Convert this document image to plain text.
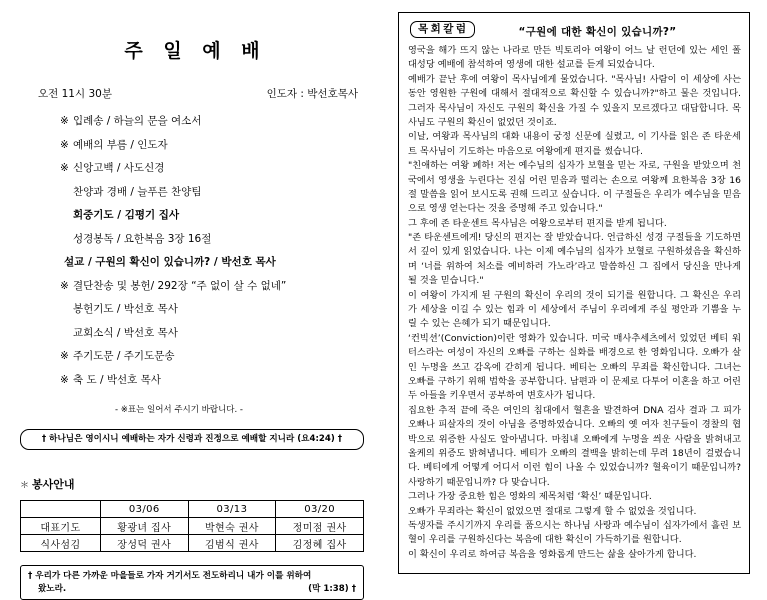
주 일 예 배
오전 11시 30분	인도자 : 박선호목사
※ 입례송 / 하늘의 문을 여소서
※ 예배의 부름 / 인도자
※ 신앙고백 / 사도신경
찬양과 경배 / 늘푸른 찬양팀
회중기도 / 김평기 집사
성경봉독 / 요한복음 3장 16절
설교 / 구원의 확신이 있습니까? / 박선호 목사
※ 결단찬송 및 봉헌/ 292장 “주 없이 살 수 없네”
봉헌기도 / 박선호 목사
교회소식 / 박선호 목사
※ 주기도문 / 주기도문송
※ 축 도 / 박선호 목사
- ※표는 일어서 주시기 바랍니다. -
† 하나님은 영이시니 예배하는 자가 신령과 진정으로 예배할 지니라 (요4:24) †
＊ 봉사안내
	03/06	03/13	03/20
대표기도	황광녀 집사	박현숙 권사	정미점 권사
식사섬김	장성덕 권사	김범식 권사	김정혜 집사
† 우리가 다른 가까운 마을들로 가자 거기서도 전도하리니 내가 이를 위하여
왔노라.	(막 1:38) †
목회칼럼	“구원에 대한 확신이 있습니까?”

영국을 해가 뜨지 않는 나라로 만든 빅토리아 여왕이 어느 날 런던에 있는 세인 폴 대성당 예배에 참석하여 영생에 대한 설교를 듣게 되었습니다.

예배가 끝난 후에 여왕이 목사님에게 물었습니다. "목사님! 사람이 이 세상에 사는 동안 영원한 구원에 대해서 절대적으로 확신할 수 있습니까?"하고 물은 것입니다. 그러자 목사님이 자신도 구원의 확신을 가질 수 있을지 모르겠다고 대답합니다. 목사님도 구원의 확신이 없었던 것이죠.

이날, 여왕과 목사님의 대화 내용이 궁정 신문에 실렸고, 이 기사를 읽은 존 타운세트 목사님이 기도하는 마음으로 여왕에게 편지를 썼습니다.

"친애하는 여왕 폐하! 저는 예수님의 십자가 보혈을 믿는 자로, 구원을 받았으며 천국에서 영생을 누린다는 진심 어린 믿음과 떨리는 손으로 여왕께 요한복음 3장 16절 말씀을 읽어 보시도록 권해 드리고 싶습니다. 이 구절들은 우리가 예수님을 믿음으로 영생 얻는다는 것을 증명해 주고 있습니다."

그 후에 존 타운센트 목사님은 여왕으로부터 편지를 받게 됩니다.

"존 타운센트에게! 당신의 편지는 잘 받았습니다. 언급하신 성경 구절들을 기도하면서 깊이 있게 읽었습니다. 나는 이제 예수님의 십자가 보혈로 구원하셨음을 확신하며 ‘너를 위하여 처소를 예비하러 가노라’라고 말씀하신 그 집에서 당신을 만나게 될 것을 믿습니다."

이 여왕이 가지게 된 구원의 확신이 우리의 것이 되기를 원합니다. 그 확신은 우리가 세상을 이길 수 있는 힘과 이 세상에서 주님이 우리에게 주실 평안과 기쁨을 누릴 수 있는 은혜가 되기 때문입니다.

‘컨빅션’(Conviction)이란 영화가 있습니다. 미국 매사추세츠에서 있었던 베티 워터스라는 여성이 자신의 오빠를 구하는 실화를 배경으로 한 영화입니다. 오빠가 살인 누명을 쓰고 감옥에 갇히게 됩니다. 베티는 오빠의 무죄를 확신합니다. 그녀는 오빠를 구하기 위해 법학을 공부합니다. 남편과 이 문제로 다투어 이혼을 하고 어린 두 아들을 키우면서 공부하여 변호사가 됩니다.

집요한 추적 끝에 죽은 여인의 침대에서 혈흔을 발견하여 DNA 검사 결과 그 피가 오빠나 피살자의 것이 아님을 증명하였습니다. 오빠의 옛 여자 친구들이 경찰의 협박으로 위증한 사실도 알아냅니다. 마침내 오빠에게 누명을 씌운 사람을 밝혀내고 올케의 위증도 밝혀냅니다. 베티가 오빠의 결백을 밝히는데 무려 18년이 걸렸습니다. 베티에게 어떻게 어디서 이런 힘이 나올 수 있었습니까? 혈육이기 때문입니까? 사랑하기 때문입니까? 다 맞습니다.

그러나 가장 중요한 힘은 영화의 제목처럼 ‘확신’ 때문입니다.

오빠가 무죄라는 확신이 없었으면 절대로 그렇게 할 수 없었을 것입니다.

독생자를 주시기까지 우리를 품으시는 하나님 사랑과 예수님이 십자가에서 흘린 보혈이 우리를 구원하신다는 복음에 대한 확신이 가득하기를 원합니다.

이 확신이 우리로 하여금 복음을 영화롭게 만드는 삶을 살아가게 합니다.
